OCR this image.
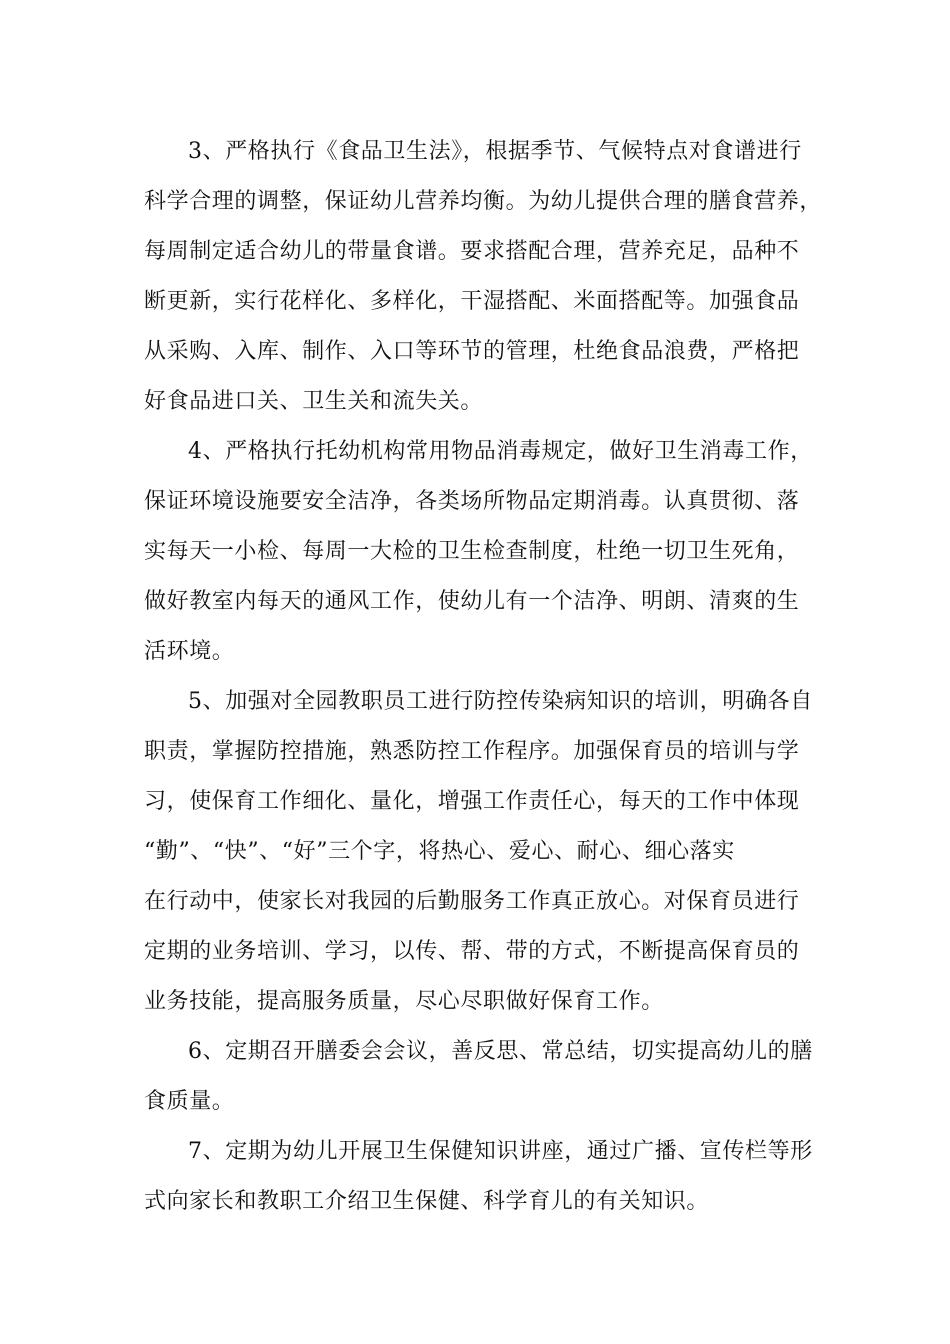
3、严格执行《食品卫生法》，根据季节、气候特点对食谱进行
科学合理的调整，保证幼儿营养均衡。为幼儿提供合理的膳食营养，
每周制定适合幼儿的带量食谱。要求搭配合理，营养充足，品种不
断更新，实行花样化、多样化，干湿搭配、米面搭配等。加强食品
从采购、入库、制作、入口等环节的管理，杜绝食品浪费，严格把
好食品进口关、卫生关和流失关。
4、严格执行托幼机构常用物品消毒规定，做好卫生消毒工作，
保证环境设施要安全洁净，各类场所物品定期消毒。认真贯彻、落
实每天一小检、每周一大检的卫生检查制度，杜绝一切卫生死角，
做好教室内每天的通风工作，使幼儿有一个洁净、明朗、清爽的生
活环境。
5、加强对全园教职员工进行防控传染病知识的培训，明确各自
职责，掌握防控措施，熟悉防控工作程序。加强保育员的培训与学
习，使保育工作细化、量化，增强工作责任心，每天的工作中体现
“勤”、“快”、“好”三个字，将热心、爱心、耐心、细心落实
在行动中，使家长对我园的后勤服务工作真正放心。对保育员进行
定期的业务培训、学习，以传、帮、带的方式，不断提高保育员的
业务技能，提高服务质量，尽心尽职做好保育工作。
6、定期召开膳委会会议，善反思、常总结，切实提高幼儿的膳
食质量。
7、定期为幼儿开展卫生保健知识讲座，通过广播、宣传栏等形
式向家长和教职工介绍卫生保健、科学育儿的有关知识。
